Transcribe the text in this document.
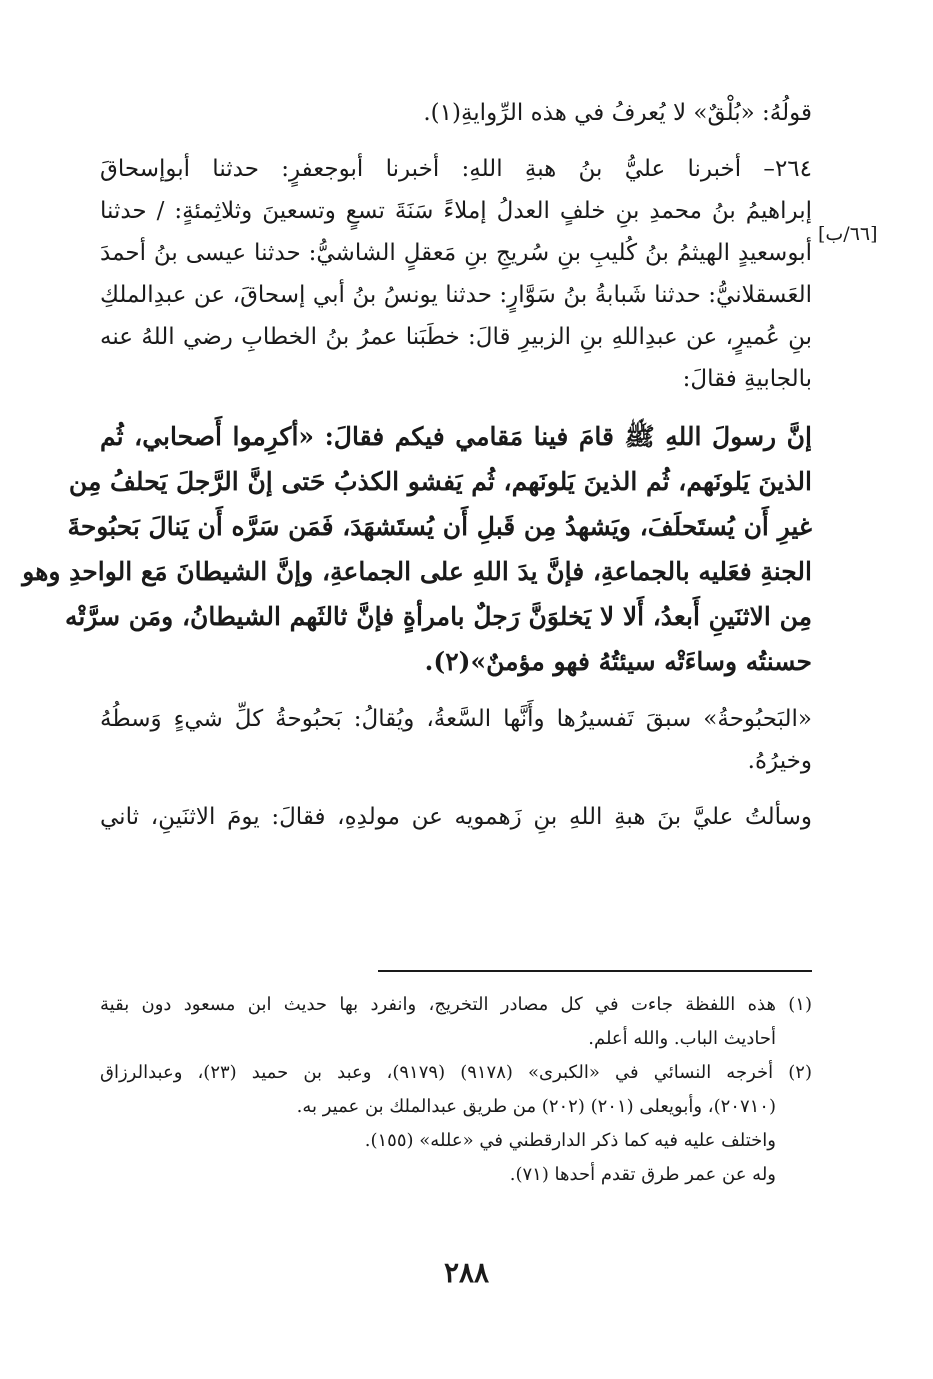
قولُهُ: «بُلْقٌ» لا يُعرفُ في هذه الرِّوايةِ(١).
٢٦٤– أخبرنا عليُّ بنُ هبةِ اللهِ: أخبرنا أبوجعفرٍ: حدثنا أبوإسحاقَ
إبراهيمُ بنُ محمدِ بنِ خلفٍ العدلُ إملاءً سَنَةَ تسعٍ وتسعينَ وثلاثِمئةٍ: / حدثنا
أبوسعيدٍ الهيثمُ بنُ كُليبِ بنِ سُريجِ بنِ مَعقلٍ الشاشيُّ: حدثنا عيسى بنُ أحمدَ
العَسقلانيُّ: حدثنا شَبابةُ بنُ سَوَّارٍ: حدثنا يونسُ بنُ أبي إسحاقَ، عن عبدِالملكِ
بنِ عُميرٍ، عن عبدِاللهِ بنِ الزبيرِ قالَ: خطَبَنا عمرُ بنُ الخطابِ رضي اللهُ عنه
بالجابيةِ فقالَ:
إنَّ رسولَ اللهِ ﷺ قامَ فينا مَقامي فيكم فقالَ: «أكرِموا أَصحابي، ثُم
الذينَ يَلونَهم، ثُم الذينَ يَلونَهم، ثُم يَفشو الكذبُ حَتى إنَّ الرَّجلَ يَحلفُ مِن
غيرِ أَن يُستَحلَفَ، ويَشهدُ مِن قَبلِ أَن يُستَشهَدَ، فَمَن سَرَّه أَن يَنالَ بَحبُوحةَ
الجنةِ فعَليه بالجماعةِ، فإنَّ يدَ اللهِ على الجماعةِ، وإنَّ الشيطانَ مَع الواحدِ وهو
مِن الاثنَينِ أَبعدُ، أَلا لا يَخلوَنَّ رَجلٌ بامرأةٍ فإنَّ ثالثَهم الشيطانُ، ومَن سرَّتْه
حسنتُه وساءَتْه سيئتُهُ فهو مؤمنٌ»(٢).
«البَحبُوحةُ» سبقَ تَفسيرُها وأَنَّها السَّعةُ، ويُقالُ: بَحبُوحةُ كلِّ شيءٍ وَسطُهُ
وخيرُهُ.
وسألتُ عليَّ بنَ هبةِ اللهِ بنِ زَهمويه عن مولدِهِ، فقالَ: يومَ الاثنَينِ، ثاني
[٦٦/ب]
(١) هذه اللفظة جاءت في كل مصادر التخريج، وانفرد بها حديث ابن مسعود دون بقية
أحاديث الباب. والله أعلم.
(٢) أخرجه النسائي في «الكبرى» (٩١٧٨) (٩١٧٩)، وعبد بن حميد (٢٣)، وعبدالرزاق
(٢٠٧١٠)، وأبويعلى (٢٠١) (٢٠٢) من طريق عبدالملك بن عمير به.
واختلف عليه فيه كما ذكر الدارقطني في «علله» (١٥٥).
وله عن عمر طرق تقدم أحدها (٧١).
٢٨٨
